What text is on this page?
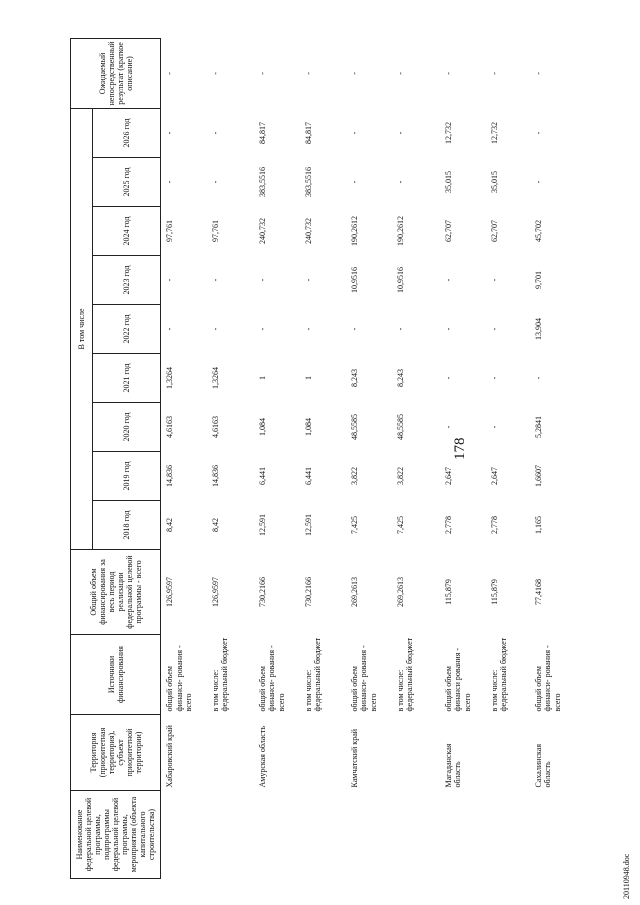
178
20110948.doc
Наименование федеральной целевой программы, подпрограммы федеральной целевой программы, мероприятия (объекта капитального строительства)	Территория (приоритетная территория), субъект приоритетной территории)	Источники финансирования	Общий объем финансирования за весь период реализации федеральной целевой программы - всего	В том числе									Ожидаемый непосредственный результат (краткое описание)
				2018 год	2019 год	2020 год	2021 год	2022 год	2023 год	2024 год	2025 год	2026 год	
	Хабаровский край	общий объем финанси- рования - всего	126,9597	8,42	14,836	4,6163	1,3264	-	-	97,761	-	-	-
		в том числе: федеральный бюджет	126,9597	8,42	14,836	4,6163	1,3264	-	-	97,761	-	-	-
	Амурская область	общий объем финанси- рования - всего	730,2166	12,591	6,441	1,084	1	-	-	240,732	383,5516	84,817	-
		в том числе: федеральный бюджет	730,2166	12,591	6,441	1,084	1	-	-	240,732	383,5516	84,817	-
	Камчатский край	общий объем финанси- рования - всего	269,2613	7,425	3,822	48,5585	8,243	-	10,9516	190,2612	-	-	-
		в том числе: федеральный бюджет	269,2613	7,425	3,822	48,5585	8,243	-	10,9516	190,2612	-	-	-
	Магаданская область	общий объем финанси рования - всего	115,879	2,778	2,647	-	-	-	-	62,707	35,015	12,732	-
		в том числе: федеральный бюджет	115,879	2,778	2,647	-	-	-	-	62,707	35,015	12,732	-
	Сахалинская область	общий объем финанси- рования - всего	77,4168	1,165	1,6607	5,2841	-	13,904	9,701	45,702	-	-	-
